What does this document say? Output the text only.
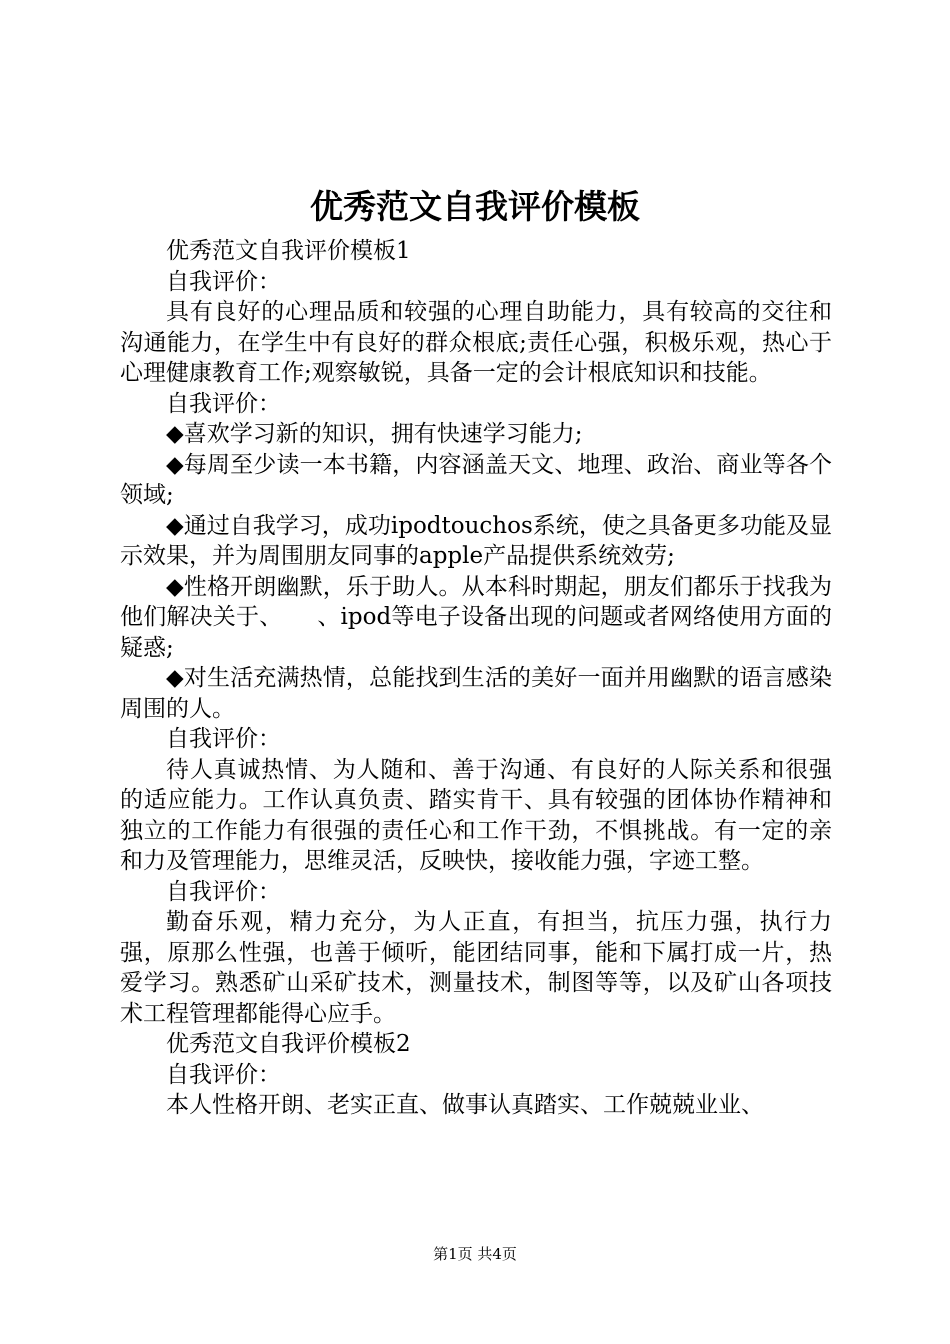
优秀范文自我评价模板

优秀范文自我评价模板1

自我评价：

具有良好的心理品质和较强的心理自助能力，具有较高的交往和沟通能力，在学生中有良好的群众根底;责任心强，积极乐观，热心于心理健康教育工作;观察敏锐，具备一定的会计根底知识和技能。

自我评价：

◆喜欢学习新的知识，拥有快速学习能力;

◆每周至少读一本书籍，内容涵盖天文、地理、政治、商业等各个领域;

◆通过自我学习，成功ipodtouchos系统，使之具备更多功能及显示效果，并为周围朋友同事的apple产品提供系统效劳;

◆性格开朗幽默，乐于助人。从本科时期起，朋友们都乐于找我为他们解决关于、　　、ipod等电子设备出现的问题或者网络使用方面的疑惑;

◆对生活充满热情，总能找到生活的美好一面并用幽默的语言感染周围的人。

自我评价：

待人真诚热情、为人随和、善于沟通、有良好的人际关系和很强的适应能力。工作认真负责、踏实肯干、具有较强的团体协作精神和独立的工作能力有很强的责任心和工作干劲，不惧挑战。有一定的亲和力及管理能力，思维灵活，反映快，接收能力强，字迹工整。

自我评价：

勤奋乐观，精力充分，为人正直，有担当，抗压力强，执行力强，原那么性强，也善于倾听，能团结同事，能和下属打成一片，热爱学习。熟悉矿山采矿技术，测量技术，制图等等，以及矿山各项技术工程管理都能得心应手。

优秀范文自我评价模板2

自我评价：

本人性格开朗、老实正直、做事认真踏实、工作兢兢业业、

第1页 共4页
